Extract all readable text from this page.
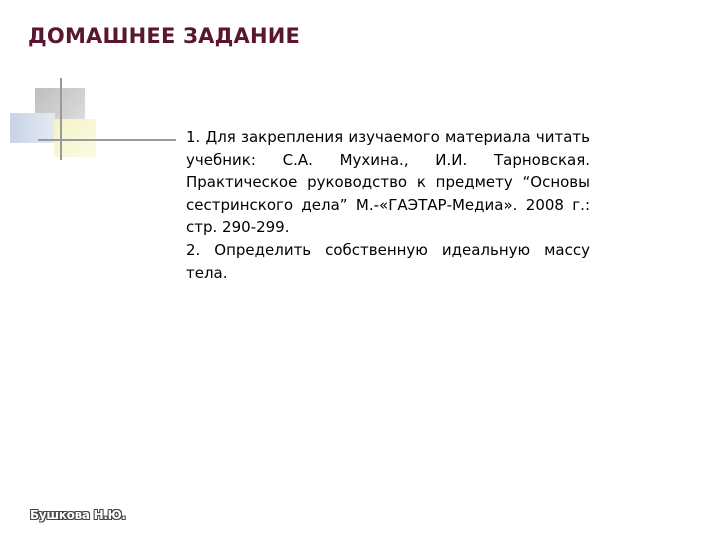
ДОМАШНЕЕ ЗАДАНИЕ

1. Для закрепления изучаемого материала читать учебник: С.А. Мухина., И.И. Тарновская. Практическое руководство к предмету “Основы сестринского дела” М.-«ГАЭТАР-Медиа». 2008 г.: стр. 290-299.

2. Определить собственную идеальную массу тела.

Бушкова Н.Ю.
